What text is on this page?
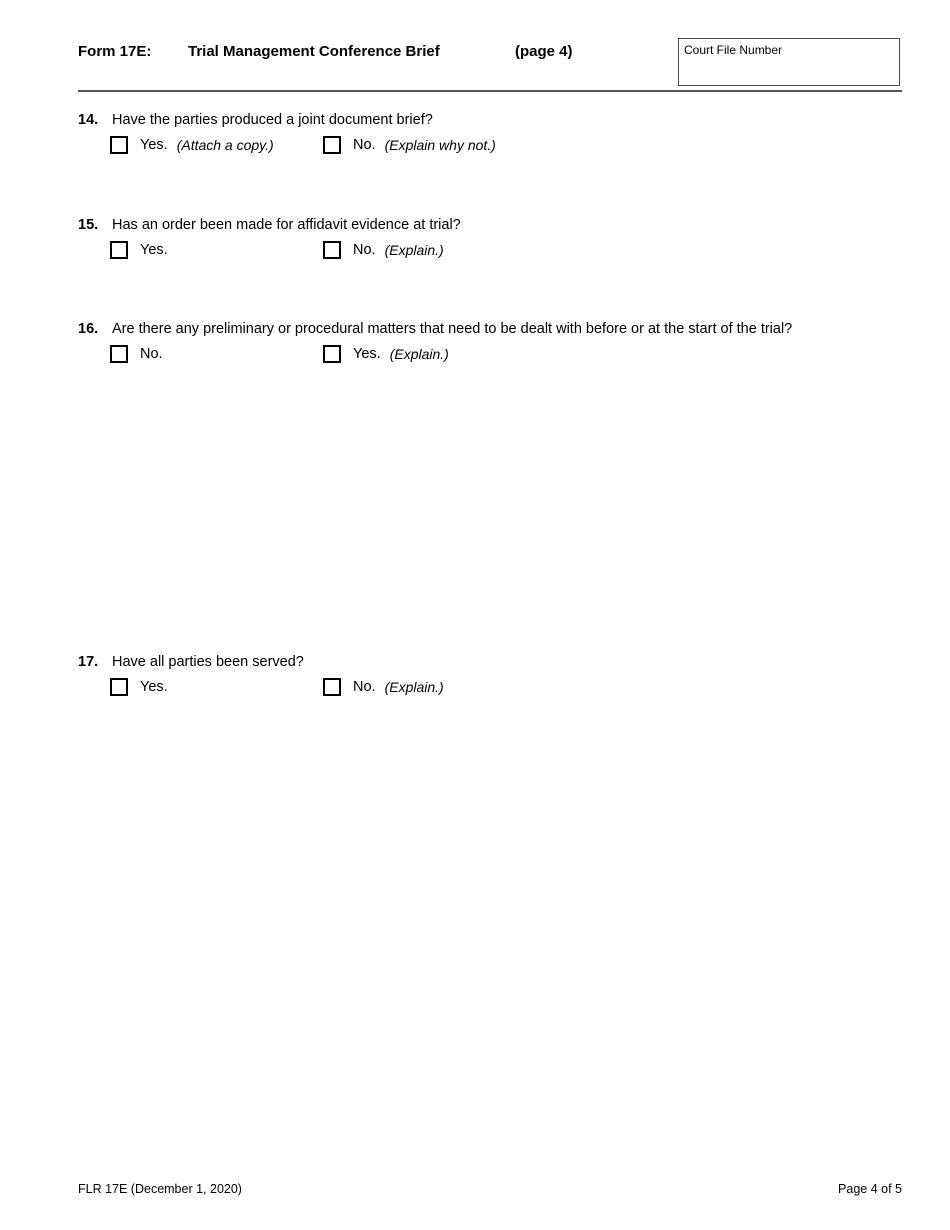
Form 17E: Trial Management Conference Brief	(page 4)	Court File Number
14. Have the parties produced a joint document brief?
Yes. (Attach a copy.)	No. (Explain why not.)
15. Has an order been made for affidavit evidence at trial?
Yes.	No. (Explain.)
16. Are there any preliminary or procedural matters that need to be dealt with before or at the start of the trial?
No.	Yes. (Explain.)
17. Have all parties been served?
Yes.	No. (Explain.)
FLR 17E (December 1, 2020)	Page 4 of 5
